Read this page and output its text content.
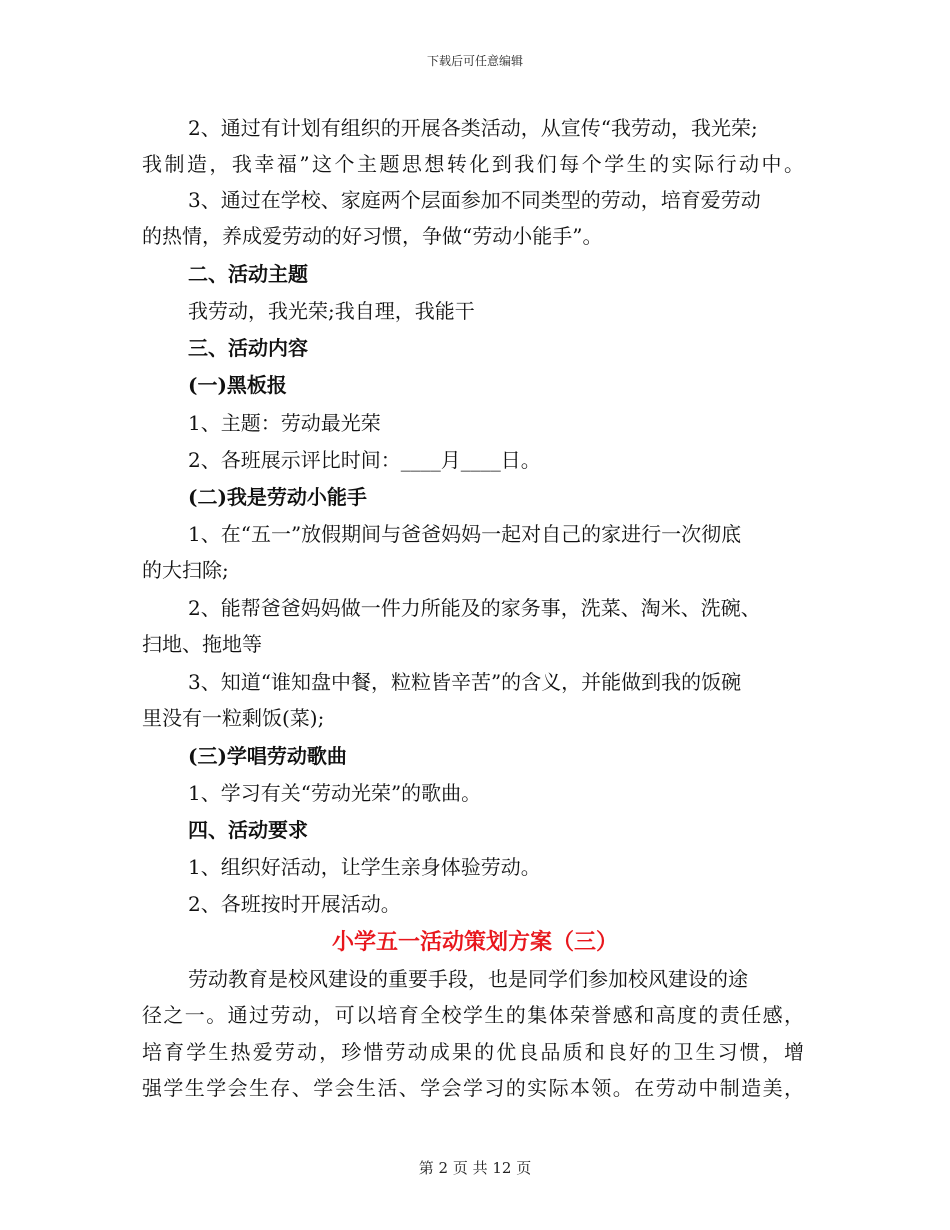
下载后可任意编辑
2、通过有计划有组织的开展各类活动，从宣传“我劳动，我光荣;
我制造，我幸福”这个主题思想转化到我们每个学生的实际行动中。
3、通过在学校、家庭两个层面参加不同类型的劳动，培育爱劳动
的热情，养成爱劳动的好习惯，争做“劳动小能手”。
二、活动主题
我劳动，我光荣;我自理，我能干
三、活动内容
(一)黑板报
1、主题：劳动最光荣
2、各班展示评比时间：____月____日。
(二)我是劳动小能手
1、在“五一”放假期间与爸爸妈妈一起对自己的家进行一次彻底
的大扫除;
2、能帮爸爸妈妈做一件力所能及的家务事，洗菜、淘米、洗碗、
扫地、拖地等
3、知道“谁知盘中餐，粒粒皆辛苦”的含义，并能做到我的饭碗
里没有一粒剩饭(菜);
(三)学唱劳动歌曲
1、学习有关“劳动光荣”的歌曲。
四、活动要求
1、组织好活动，让学生亲身体验劳动。
2、各班按时开展活动。
小学五一活动策划方案（三）
劳动教育是校风建设的重要手段，也是同学们参加校风建设的途
径之一。通过劳动，可以培育全校学生的集体荣誉感和高度的责任感，
培育学生热爱劳动，珍惜劳动成果的优良品质和良好的卫生习惯，增
强学生学会生存、学会生活、学会学习的实际本领。在劳动中制造美，
第 2 页 共 12 页
